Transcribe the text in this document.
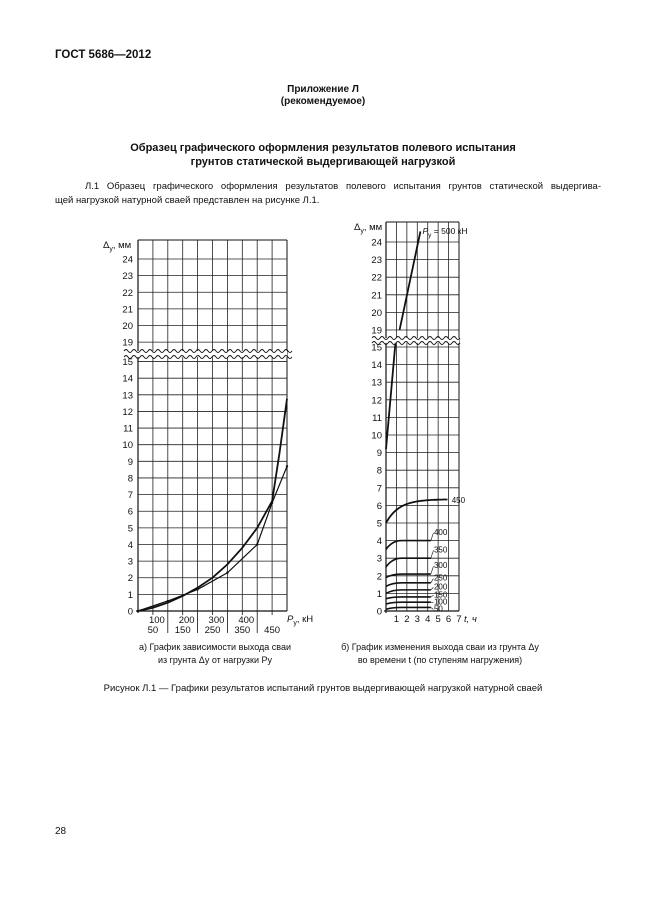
ГОСТ 5686—2012
Приложение Л
(рекомендуемое)
Образец графического оформления результатов полевого испытания
грунтов статической выдергивающей нагрузкой
Л.1 Образец графического оформления результатов полевого испытания грунтов статической выдергива-
щей нагрузкой натурной сваей представлен на рисунке Л.1.
0
1
2
3
4
5
6
7
8
9
10
11
12
13
14
15
19
20
21
22
23
24
100 200 300 400
50 150 250 350 450
$\Delta_y$, мм
$P_y$, кН
0
1
2
3
4
5
6
7
8
9
10
11
12
13
14
15
19
20
21
22
23
24
1 2 3 4 5 6 7
$\Delta_y$, мм
t, ч
$P_y = 500$ кН
450
400
350
300
250
200
150
100
50
а) График зависимости выхода сваи
из грунта Δy от нагрузки Py
б) График изменения выхода сваи из грунта Δy
во времени t (по ступеням нагружения)
Рисунок Л.1 — Графики результатов испытаний грунтов выдергивающей нагрузкой натурной сваей
28
